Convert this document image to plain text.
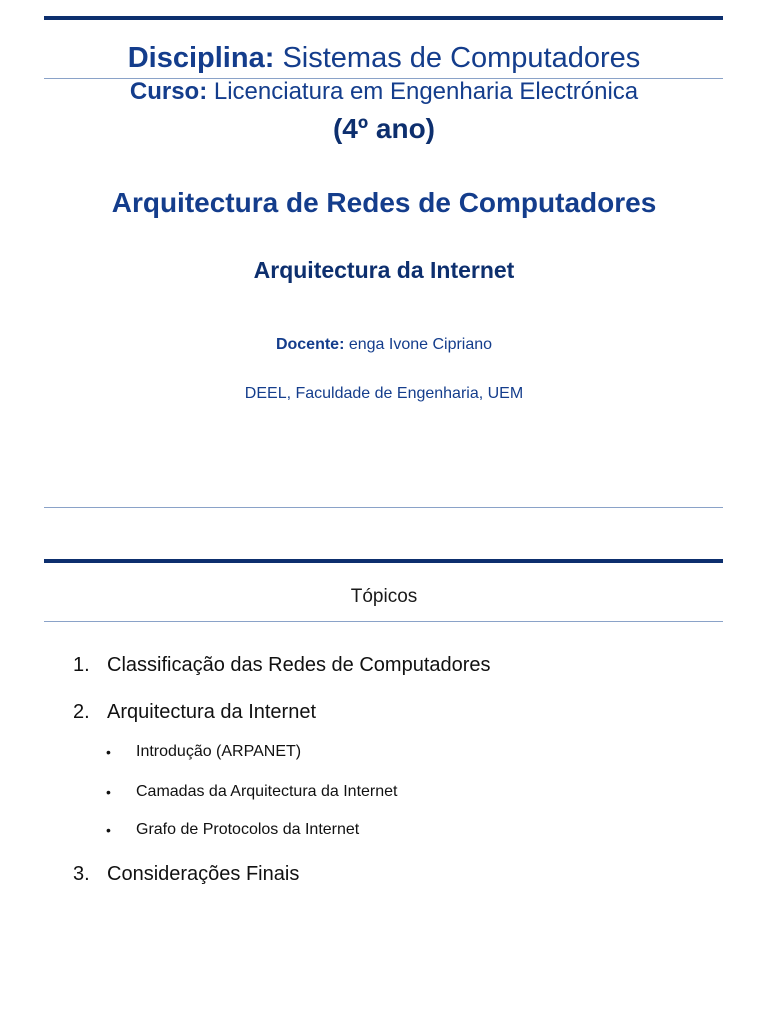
Disciplina: Sistemas de Computadores
Curso: Licenciatura em Engenharia Electrónica
(4º ano)
Arquitectura de Redes de Computadores
Arquitectura da Internet
Docente: enga Ivone Cipriano
DEEL, Faculdade de Engenharia, UEM
Tópicos
1. Classificação das Redes de Computadores
2. Arquitectura da Internet
• Introdução (ARPANET)
• Camadas da Arquitectura da Internet
• Grafo de Protocolos da Internet
3. Considerações Finais
